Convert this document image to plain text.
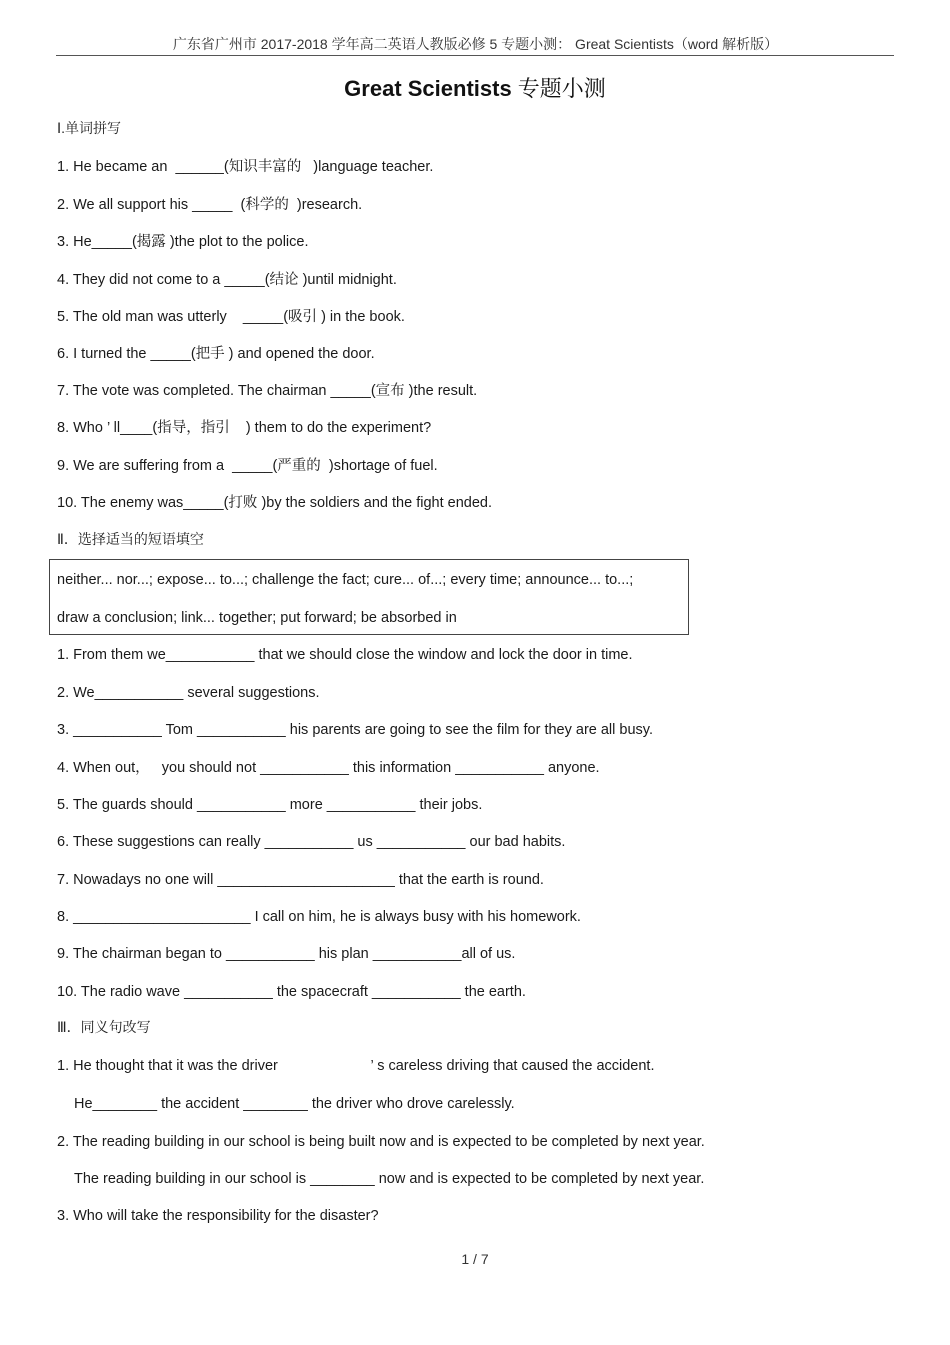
广东省广州市 2017-2018 学年高二英语人教版必修 5 专题小测： Great Scientists（word 解析版）
Great Scientists 专题小测
Ⅰ.单词拼写
1. He became an  ______(知识丰富的   )language teacher.
2. We all support his _____  (科学的  )research.
3. He_____(揭露 )the plot to the police.
4. They did not come to a _____(结论 )until midnight.
5. The old man was utterly    _____(吸引 ) in the book.
6. I turned the _____(把手 ) and opened the door.
7. The vote was completed. The chairman _____(宣布 )the result.
8. Who ’ ll____(指导，指引    ) them to do the experiment?
9. We are suffering from a  _____(严重的  )shortage of fuel.
10. The enemy was_____(打败 )by the soldiers and the fight ended.
Ⅱ．选择适当的短语填空
neither... nor...; expose... to...; challenge the fact; cure... of...; every time; announce... to...;
draw a conclusion; link... together; put forward; be absorbed in
1. From them we___________ that we should close the window and lock the door in time.
2. We___________ several suggestions.
3. ___________ Tom ___________ his parents are going to see the film for they are all busy.
4. When out，   you should not ___________ this information ___________ anyone.
5. The guards should ___________ more ___________ their jobs.
6. These suggestions can really ___________ us ___________ our bad habits.
7. Nowadays no one will ______________________ that the earth is round.
8. ______________________ I call on him, he is always busy with his homework.
9. The chairman began to ___________ his plan ___________all of us.
10. The radio wave ___________ the spacecraft ___________ the earth.
Ⅲ．同义句改写
1. He thought that it was the driver                       ’ s careless driving that caused the accident.
He________ the accident ________ the driver who drove carelessly.
2. The reading building in our school is being built now and is expected to be completed by next year.
The reading building in our school is ________ now and is expected to be completed by next year.
3. Who will take the responsibility for the disaster?
1 / 7
